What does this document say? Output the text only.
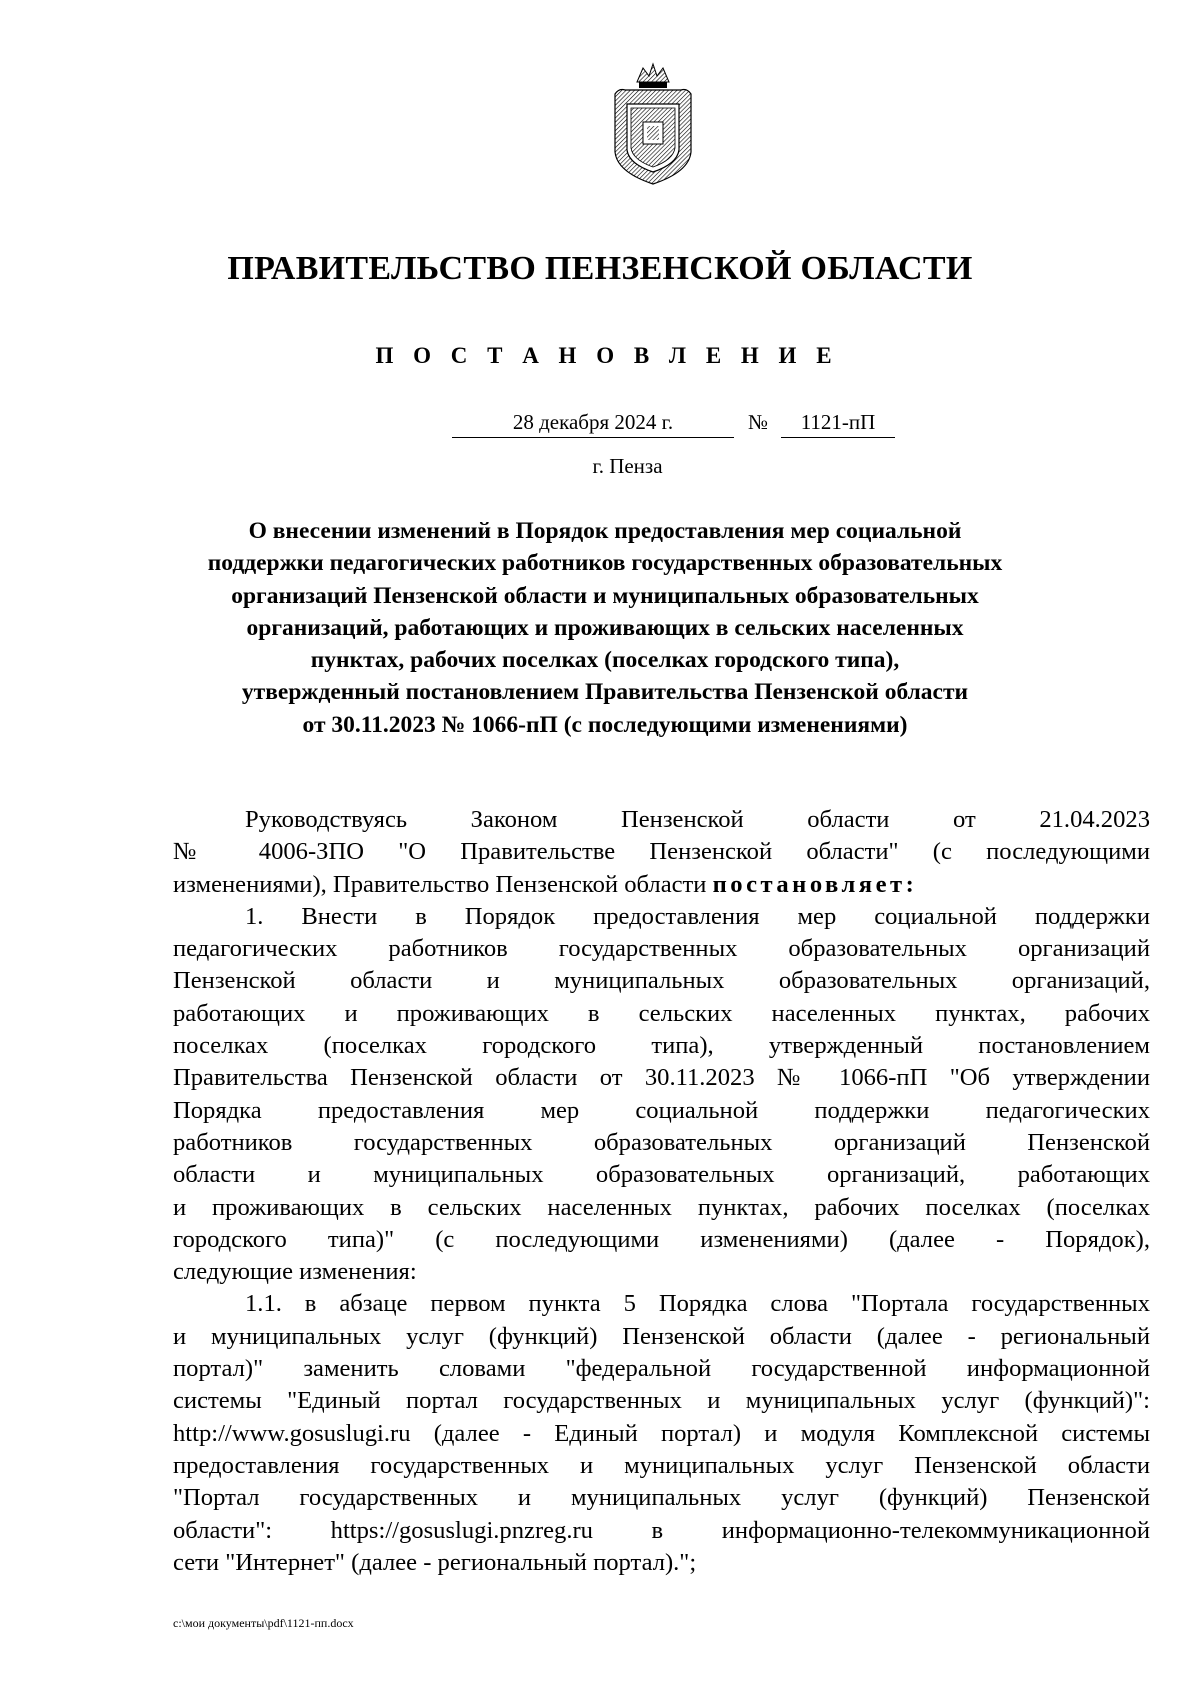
ПРАВИТЕЛЬСТВО ПЕНЗЕНСКОЙ ОБЛАСТИ
П О С Т А Н О В Л Е Н И Е
28 декабря 2024 г.	№	1121-пП
г. Пенза
О внесении изменений в Порядок предоставления мер социальной
поддержки педагогических работников государственных образовательных
организаций Пензенской области и муниципальных образовательных
организаций, работающих и проживающих в сельских населенных
пунктах, рабочих поселках (поселках городского типа),
утвержденный постановлением Правительства Пензенской области
от 30.11.2023 № 1066-пП (с последующими изменениями)
Руководствуясь Законом Пензенской области от 21.04.2023
№ 4006-ЗПО "О Правительстве Пензенской области" (с последующими
изменениями), Правительство Пензенской области постановляет:
1. Внести в Порядок предоставления мер социальной поддержки
педагогических работников государственных образовательных организаций
Пензенской области и муниципальных образовательных организаций,
работающих и проживающих в сельских населенных пунктах, рабочих
поселках (поселках городского типа), утвержденный постановлением
Правительства Пензенской области от 30.11.2023 № 1066-пП "Об утверждении
Порядка предоставления мер социальной поддержки педагогических
работников государственных образовательных организаций Пензенской
области и муниципальных образовательных организаций, работающих
и проживающих в сельских населенных пунктах, рабочих поселках (поселках
городского типа)" (с последующими изменениями) (далее - Порядок),
следующие изменения:
1.1. в абзаце первом пункта 5 Порядка слова "Портала государственных
и муниципальных услуг (функций) Пензенской области (далее - региональный
портал)" заменить словами "федеральной государственной информационной
системы "Единый портал государственных и муниципальных услуг (функций)":
http://www.gosuslugi.ru (далее - Единый портал) и модуля Комплексной системы
предоставления государственных и муниципальных услуг Пензенской области
"Портал государственных и муниципальных услуг (функций) Пензенской
области": https://gosuslugi.pnzreg.ru в информационно-телекоммуникационной
сети "Интернет" (далее - региональный портал).";
c:\мои документы\pdf\1121-пп.docx
